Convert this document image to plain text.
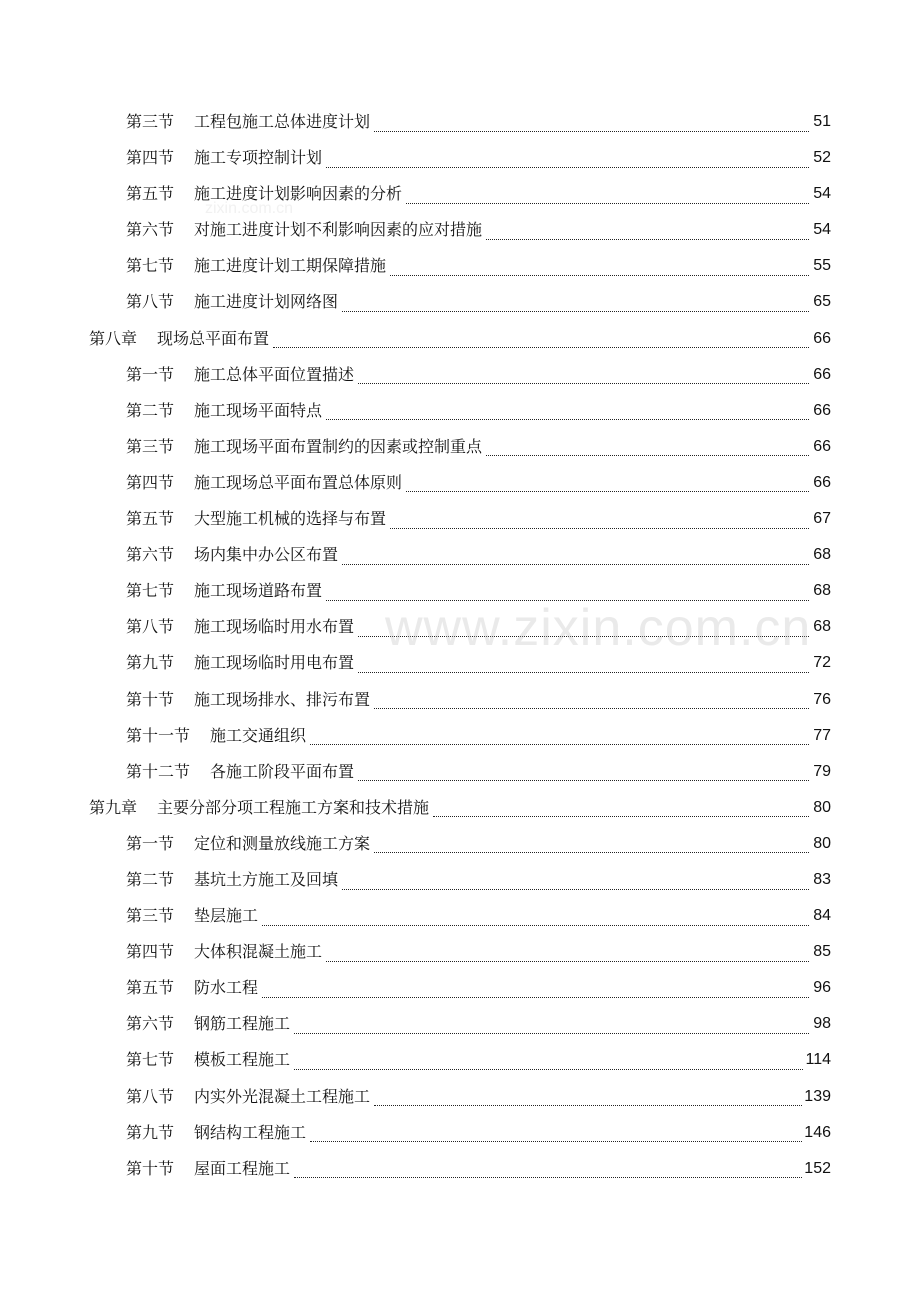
zixin.com.cn
第三节 工程包施工总体进度计划	51
第四节 施工专项控制计划	52
第五节 施工进度计划影响因素的分析	54
第六节 对施工进度计划不利影响因素的应对措施	54
第七节 施工进度计划工期保障措施	55
第八节 施工进度计划网络图	65
第八章 现场总平面布置	66
第一节 施工总体平面位置描述	66
第二节 施工现场平面特点	66
第三节 施工现场平面布置制约的因素或控制重点	66
第四节 施工现场总平面布置总体原则	66
第五节 大型施工机械的选择与布置	67
第六节 场内集中办公区布置	68
第七节 施工现场道路布置	68
第八节 施工现场临时用水布置	68
第九节 施工现场临时用电布置	72
第十节 施工现场排水、排污布置	76
第十一节 施工交通组织	77
第十二节 各施工阶段平面布置	79
第九章 主要分部分项工程施工方案和技术措施	80
第一节 定位和测量放线施工方案	80
第二节 基坑土方施工及回填	83
第三节 垫层施工	84
第四节 大体积混凝土施工	85
第五节 防水工程	96
第六节 钢筋工程施工	98
第七节 模板工程施工	114
第八节 内实外光混凝土工程施工	139
第九节 钢结构工程施工	146
第十节 屋面工程施工	152
www.zixin.com.cn
